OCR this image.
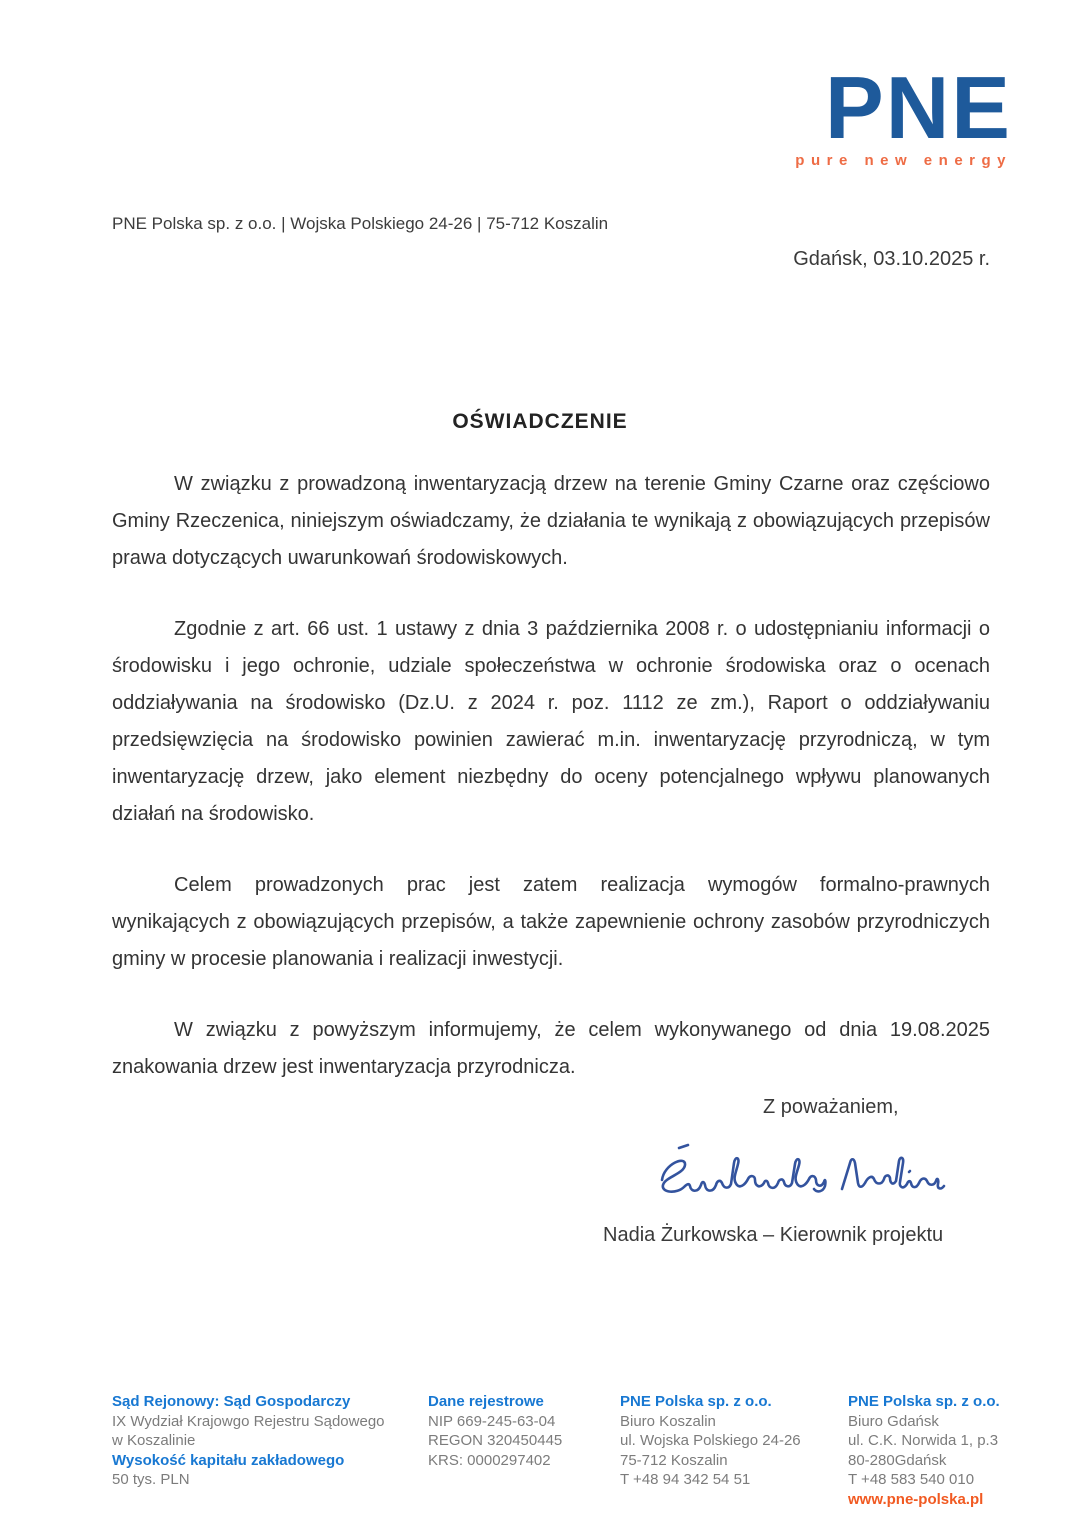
PNE
pure new energy
PNE Polska sp. z o.o. | Wojska Polskiego 24-26 | 75-712 Koszalin
Gdańsk, 03.10.2025 r.
OŚWIADCZENIE

W związku z prowadzoną inwentaryzacją drzew na terenie Gminy Czarne oraz częściowo Gminy Rzeczenica, niniejszym oświadczamy, że działania te wynikają z obowiązujących przepisów prawa dotyczących uwarunkowań środowiskowych.

Zgodnie z art. 66 ust. 1 ustawy z dnia 3 października 2008 r. o udostępnianiu informacji o środowisku i jego ochronie, udziale społeczeństwa w ochronie środowiska oraz o ocenach oddziaływania na środowisko (Dz.U. z 2024 r. poz. 1112 ze zm.), Raport o oddziaływaniu przedsięwzięcia na środowisko powinien zawierać m.in. inwentaryzację przyrodniczą, w tym inwentaryzację drzew, jako element niezbędny do oceny potencjalnego wpływu planowanych działań na środowisko.

Celem prowadzonych prac jest zatem realizacja wymogów formalno-prawnych wynikających z obowiązujących przepisów, a także zapewnienie ochrony zasobów przyrodniczych gminy w procesie planowania i realizacji inwestycji.

W związku z powyższym informujemy, że celem wykonywanego od dnia 19.08.2025 znakowania drzew jest inwentaryzacja przyrodnicza.

Z poważaniem,
Nadia Żurkowska – Kierownik projektu
Sąd Rejonowy: Sąd Gospodarczy
IX Wydział Krajowgo Rejestru Sądowego
w Koszalinie
Wysokość kapitału zakładowego
50 tys. PLN
Dane rejestrowe
NIP 669-245-63-04
REGON 320450445
KRS: 0000297402
PNE Polska sp. z o.o.
Biuro Koszalin
ul. Wojska Polskiego 24-26
75-712 Koszalin
T +48 94 342 54 51
PNE Polska sp. z o.o.
Biuro Gdańsk
ul. C.K. Norwida 1, p.3
80-280Gdańsk
T +48 583 540 010
www.pne-polska.pl
